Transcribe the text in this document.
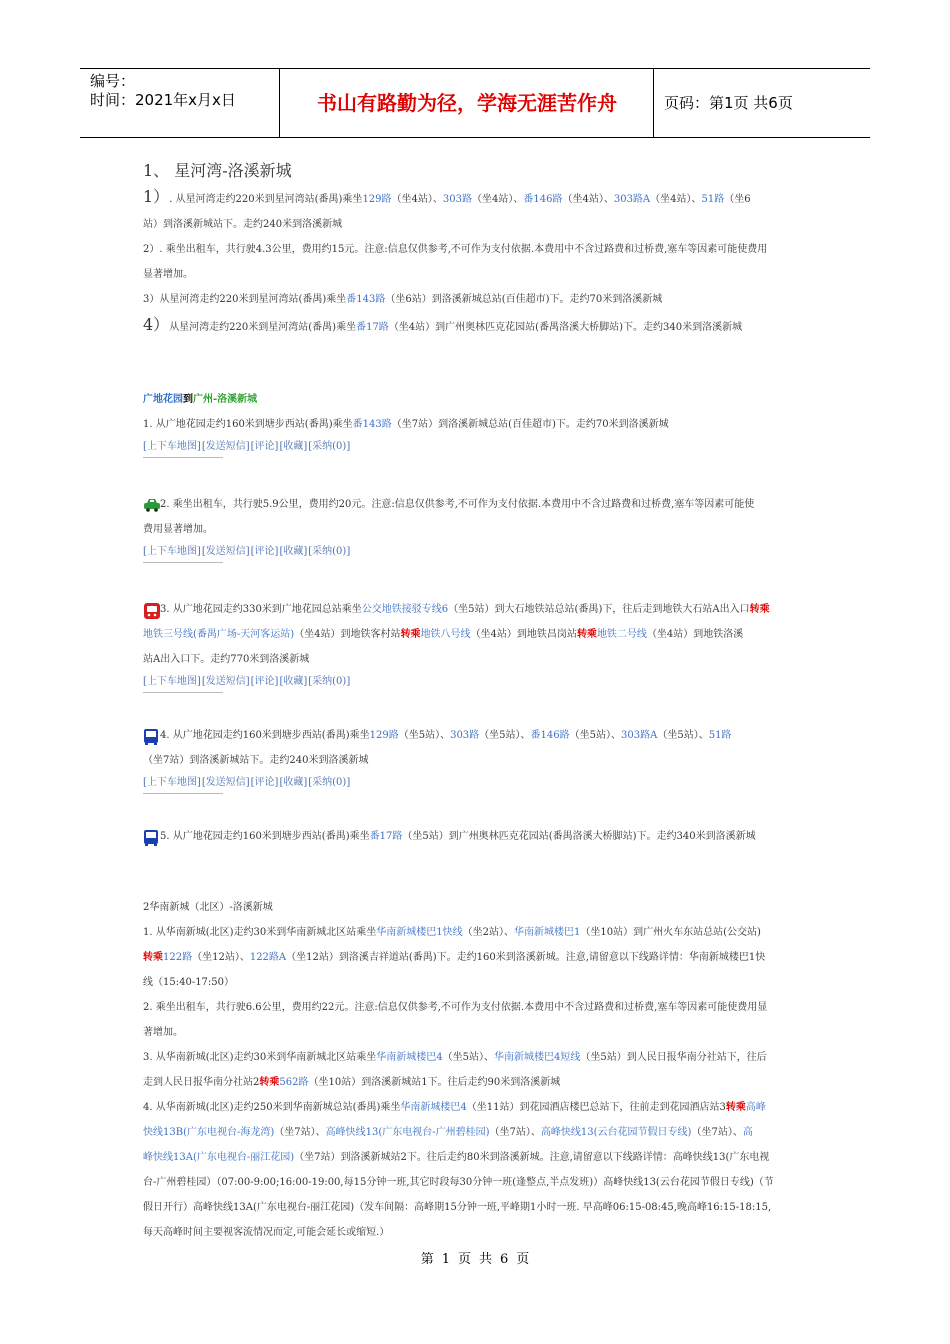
编号：
时间：2021年x月x日	书山有路勤为径，学海无涯苦作舟	页码：第1页 共6页
1、 星河湾-洛溪新城
1）. 从星河湾走约220米到星河湾站(番禺)乘坐129路（坐4站）、303路（坐4站）、番146路（坐4站）、303路A（坐4站）、51路（坐6
站）到洛溪新城站下。走约240米到洛溪新城
2）. 乘坐出租车，共行驶4.3公里，费用约15元。注意:信息仅供参考,不可作为支付依据.本费用中不含过路费和过桥费,塞车等因素可能使费用
显著增加。
3）从星河湾走约220米到星河湾站(番禺)乘坐番143路（坐6站）到洛溪新城总站(百佳超市)下。走约70米到洛溪新城
4）从星河湾走约220米到星河湾站(番禺)乘坐番17路（坐4站）到广州奥林匹克花园站(番禺洛溪大桥脚站)下。走约340米到洛溪新城
广地花园到广州-洛溪新城
1. 从广地花园走约160米到塘步西站(番禺)乘坐番143路（坐7站）到洛溪新城总站(百佳超市)下。走约70米到洛溪新城
[上下车地图][发送短信][评论][收藏][采纳(0)]
2. 乘坐出租车，共行驶5.9公里，费用约20元。注意:信息仅供参考,不可作为支付依据.本费用中不含过路费和过桥费,塞车等因素可能使
费用显著增加。
[上下车地图][发送短信][评论][收藏][采纳(0)]
3. 从广地花园走约330米到广地花园总站乘坐公交地铁接驳专线6（坐5站）到大石地铁站总站(番禺)下，往后走到地铁大石站A出入口转乘
地铁三号线(番禺广场-天河客运站)（坐4站）到地铁客村站转乘地铁八号线（坐4站）到地铁昌岗站转乘地铁二号线（坐4站）到地铁洛溪
站A出入口下。走约770米到洛溪新城
[上下车地图][发送短信][评论][收藏][采纳(0)]
4. 从广地花园走约160米到塘步西站(番禺)乘坐129路（坐5站）、303路（坐5站）、番146路（坐5站）、303路A（坐5站）、51路
（坐7站）到洛溪新城站下。走约240米到洛溪新城
[上下车地图][发送短信][评论][收藏][采纳(0)]
5. 从广地花园走约160米到塘步西站(番禺)乘坐番17路（坐5站）到广州奥林匹克花园站(番禺洛溪大桥脚站)下。走约340米到洛溪新城
2华南新城（北区）-洛溪新城
1. 从华南新城(北区)走约30米到华南新城北区站乘坐华南新城楼巴1快线（坐2站）、华南新城楼巴1（坐10站）到广州火车东站总站(公交站)
转乘122路（坐12站）、122路A（坐12站）到洛溪吉祥道站(番禺)下。走约160米到洛溪新城。注意,请留意以下线路详情：华南新城楼巴1快
线（15:40-17:50）
2. 乘坐出租车，共行驶6.6公里，费用约22元。注意:信息仅供参考,不可作为支付依据.本费用中不含过路费和过桥费,塞车等因素可能使费用显
著增加。
3. 从华南新城(北区)走约30米到华南新城北区站乘坐华南新城楼巴4（坐5站）、华南新城楼巴4短线（坐5站）到人民日报华南分社站下，往后
走到人民日报华南分社站2转乘562路（坐10站）到洛溪新城站1下。往后走约90米到洛溪新城
4. 从华南新城(北区)走约250米到华南新城总站(番禺)乘坐华南新城楼巴4（坐11站）到花园酒店楼巴总站下，往前走到花园酒店站3转乘高峰
快线13B(广东电视台-海龙湾)（坐7站）、高峰快线13(广东电视台-广州碧桂园)（坐7站）、高峰快线13(云台花园节假日专线)（坐7站）、高
峰快线13A(广东电视台-丽江花园)（坐7站）到洛溪新城站2下。往后走约80米到洛溪新城。注意,请留意以下线路详情：高峰快线13(广东电视
台-广州碧桂园）（07:00-9:00;16:00-19:00,每15分钟一班,其它时段每30分钟一班(逢整点,半点发班)）高峰快线13(云台花园节假日专线)（节
假日开行）高峰快线13A(广东电视台-丽江花园)（发车间隔：高峰期15分钟一班,平峰期1小时一班. 早高峰06:15-08:45,晚高峰16:15-18:15,
每天高峰时间主要视客流情况而定,可能会延长或缩短.）
第 1 页 共 6 页
